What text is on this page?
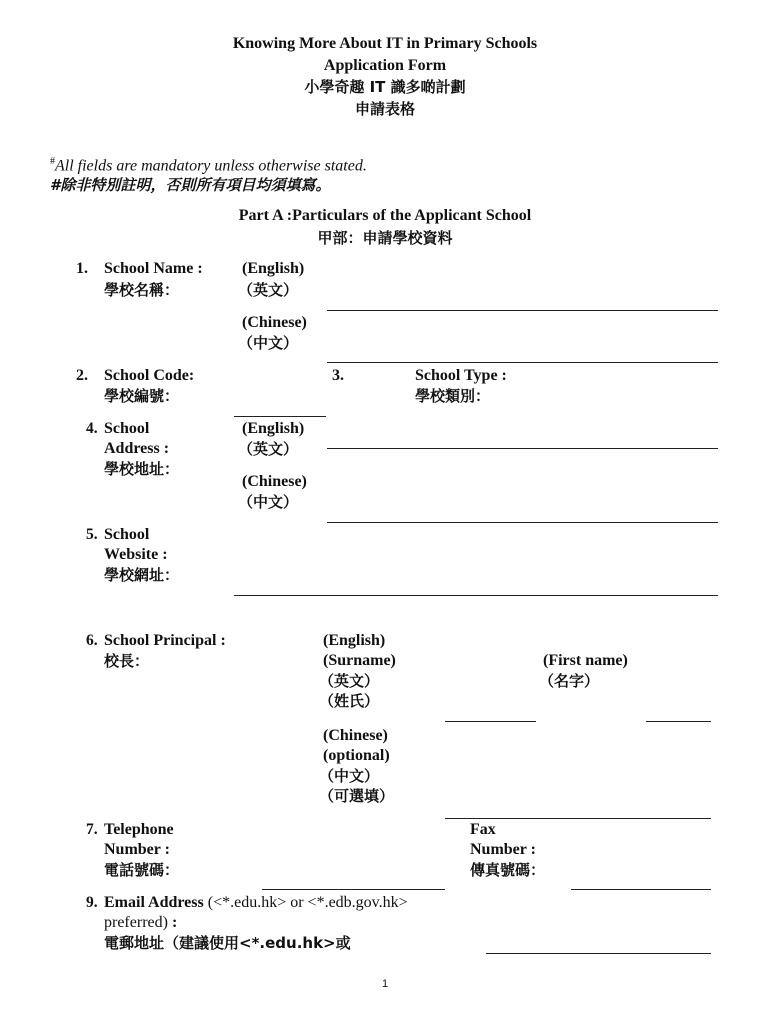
Knowing More About IT in Primary Schools
Application Form
小學奇趣 IT 識多啲計劃
申請表格
#All fields are mandatory unless otherwise stated.
#除非特別註明，否則所有項目均須填寫。
Part A :Particulars of the Applicant School
甲部：申請學校資料
1. School Name :
學校名稱：
(English)
（英文）
(Chinese)
（中文）
2. School Code:
學校編號：
3.	School Type :
學校類別：
4. School
Address :
學校地址：
(English)
（英文）
(Chinese)
（中文）
5. School
Website :
學校網址：
6. School Principal :
校長：
(English)
(Surname)
（英文）
（姓氏）
(First name)
（名字）
(Chinese)
(optional)
（中文）
（可選填）
7. Telephone
Number :
電話號碼：
Fax
Number :
傳真號碼：
9. Email Address (<*.edu.hk> or <*.edb.gov.hk>
preferred) :
電郵地址（建議使用<*.edu.hk>或
1
